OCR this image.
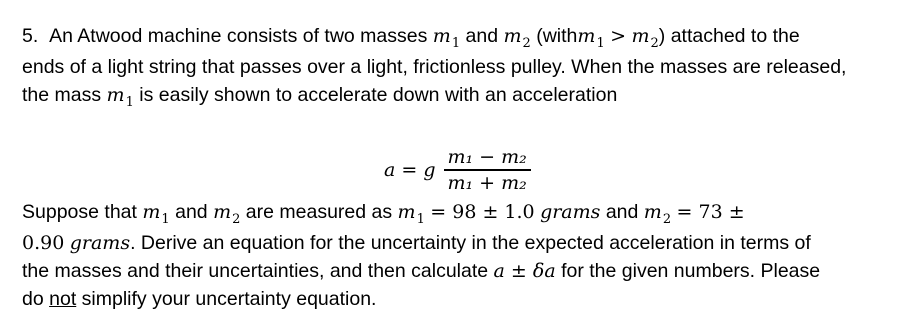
5. An Atwood machine consists of two masses $m_1$ and $m_2$ (withm$_1$ > $m_2$) attached to the

ends of a light string that passes over a light, frictionless pulley. When the masses are released,

the mass $m_1$ is easily shown to accelerate down with an acceleration

a = g $\frac{\text{m₁ − m₂}}{\text{m₁ + m₂}}$

Suppose that $m_1$ and $m_2$ are measured as $m_1 = 98 \pm 1.0$ grams and $m_2 = 73$ ±

0.90 grams. Derive an equation for the uncertainty in the expected acceleration in terms of

the masses and their uncertainties, and then calculate a ± δa for the given numbers. Please

do not simplify your uncertainty equation.
